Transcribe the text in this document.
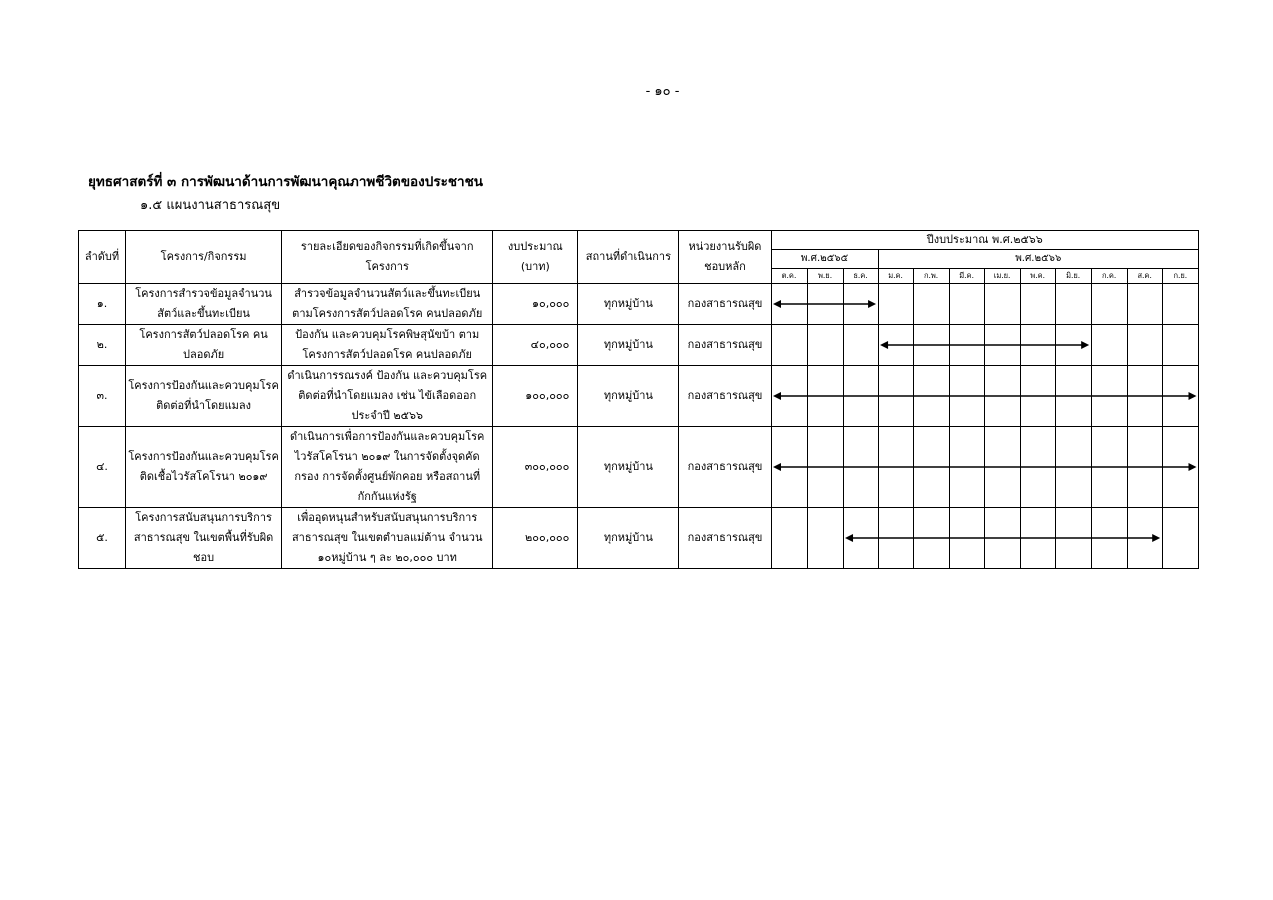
- ๑๐ -
ยุทธศาสตร์ที่ ๓ การพัฒนาด้านการพัฒนาคุณภาพชีวิตของประชาชน
๑.๕ แผนงานสาธารณสุข
ลำดับที่	โครงการ/กิจกรรม	รายละเอียดของกิจกรรมที่เกิดขึ้นจากโครงการ	งบประมาณ (บาท)	สถานที่ดำเนินการ	หน่วยงานรับผิดชอบหลัก	ปีงบประมาณ พ.ศ.๒๕๖๖											
						พ.ศ.๒๕๖๕			พ.ศ.๒๕๖๖								
						ต.ค.	พ.ย.	ธ.ค.	ม.ค.	ก.พ.	มี.ค.	เม.ย.	พ.ค.	มิ.ย.	ก.ค.	ส.ค.	ก.ย.
๑.	โครงการสำรวจข้อมูลจำนวนสัตว์และขึ้นทะเบียน	สำรวจข้อมูลจำนวนสัตว์และขึ้นทะเบียนตามโครงการสัตว์ปลอดโรค คนปลอดภัย	๑๐,๐๐๐	ทุกหมู่บ้าน	กองสาธารณสุข												
๒.	โครงการสัตว์ปลอดโรค คนปลอดภัย	ป้องกัน และควบคุมโรคพิษสุนัขบ้า ตามโครงการสัตว์ปลอดโรค คนปลอดภัย	๔๐,๐๐๐	ทุกหมู่บ้าน	กองสาธารณสุข												
๓.	โครงการป้องกันและควบคุมโรคติดต่อที่นำโดยแมลง	ดำเนินการรณรงค์ ป้องกัน และควบคุมโรคติดต่อที่นำโดยแมลง เช่น ไข้เลือดออก ประจำปี ๒๕๖๖	๑๐๐,๐๐๐	ทุกหมู่บ้าน	กองสาธารณสุข												
๔.	โครงการป้องกันและควบคุมโรคติดเชื้อไวรัสโคโรนา ๒๐๑๙	ดำเนินการเพื่อการป้องกันและควบคุมโรคไวรัสโคโรนา ๒๐๑๙ ในการจัดตั้งจุดคัดกรอง การจัดตั้งศูนย์พักคอย หรือสถานที่กักกันแห่งรัฐ	๓๐๐,๐๐๐	ทุกหมู่บ้าน	กองสาธารณสุข												
๕.	โครงการสนับสนุนการบริการสาธารณสุข ในเขตพื้นที่รับผิดชอบ	เพื่ออุดหนุนสำหรับสนับสนุนการบริการสาธารณสุข ในเขตตำบลแม่ต้าน จำนวน ๑๐หมู่บ้าน ๆ ละ ๒๐,๐๐๐ บาท	๒๐๐,๐๐๐	ทุกหมู่บ้าน	กองสาธารณสุข												
